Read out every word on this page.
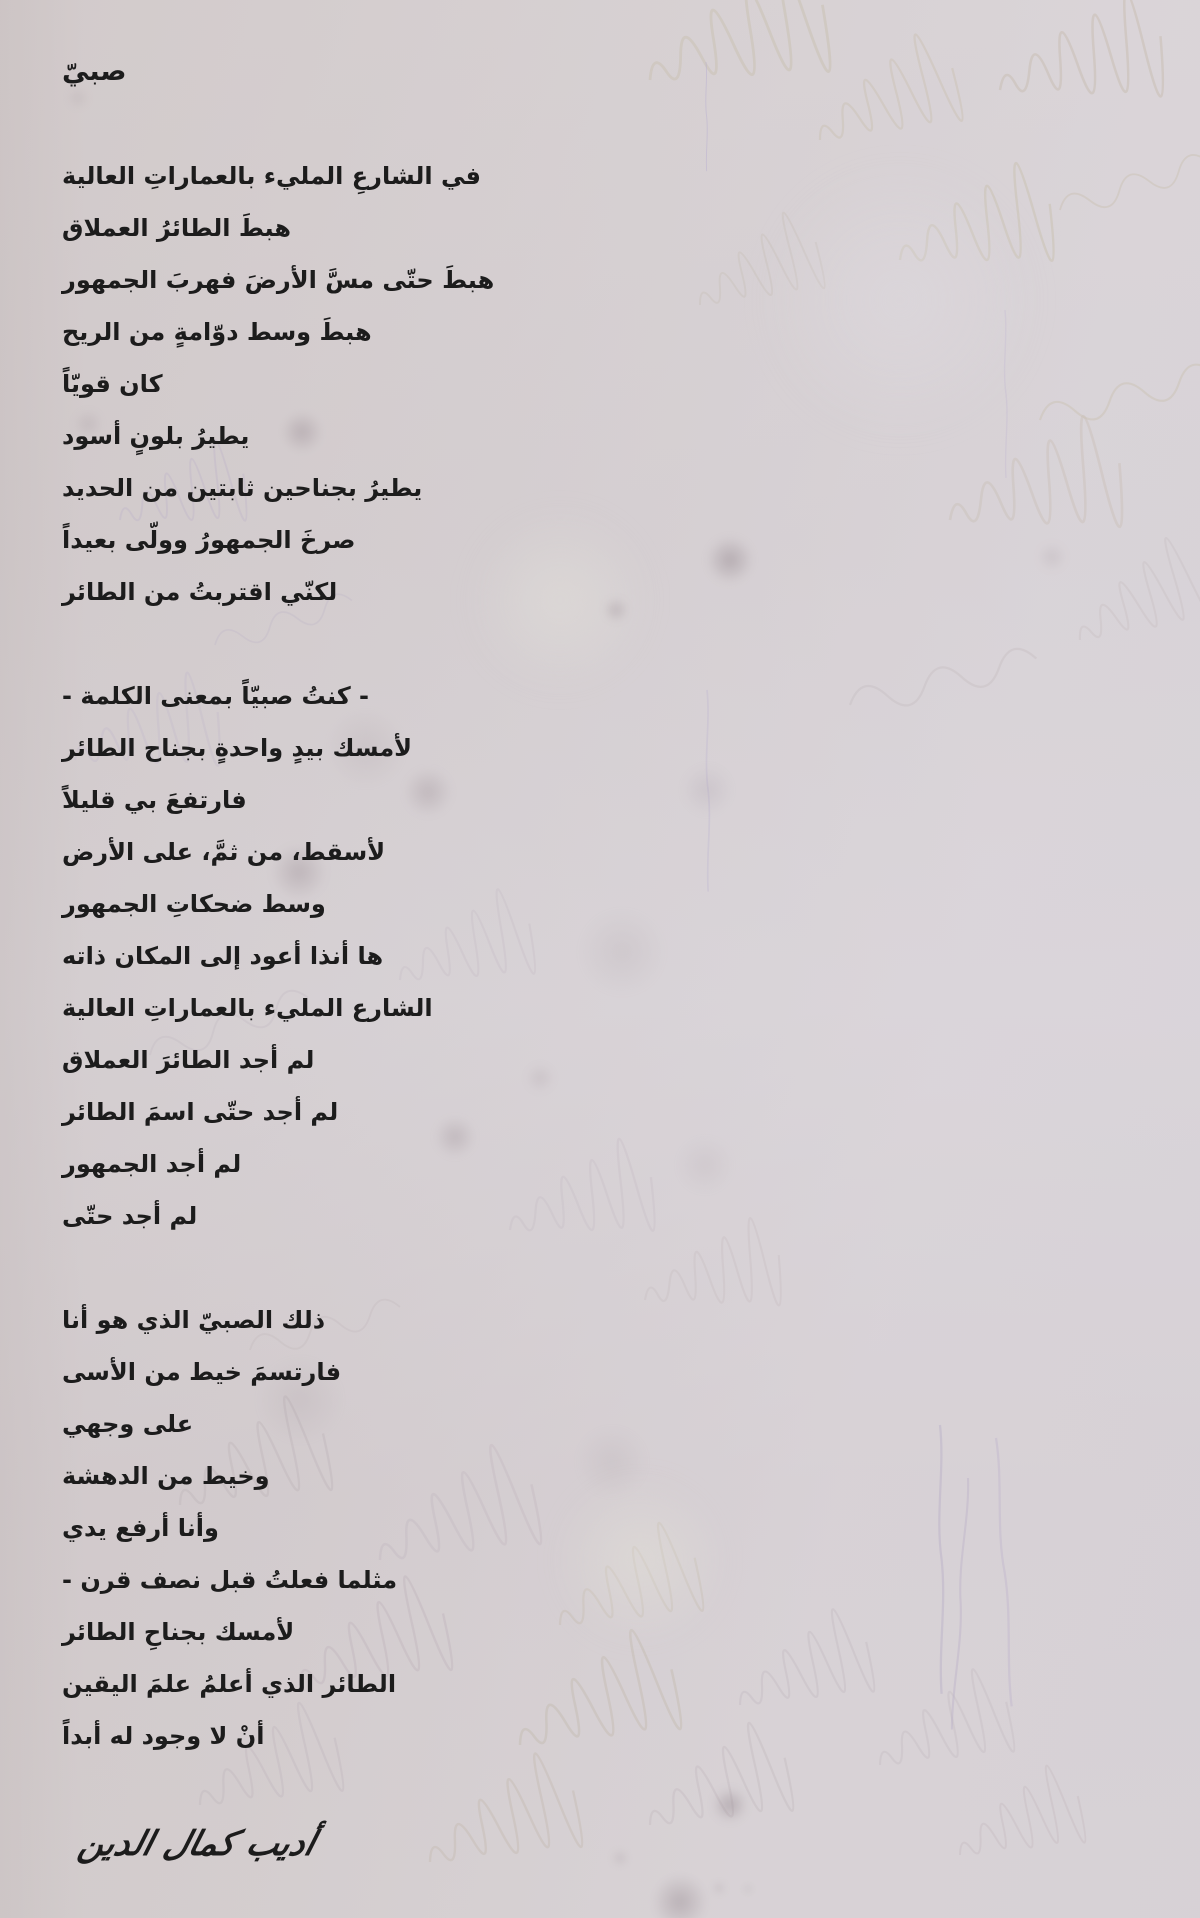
صبيّ
في الشارعِ المليء بالعماراتِ العالية
هبطَ الطائرُ العملاق
هبطَ حتّى مسَّ الأرضَ فهربَ الجمهور
هبطَ وسط دوّامةٍ من الريح
كان قويّاً
يطيرُ بلونٍ أسود
يطيرُ بجناحين ثابتين من الحديد
صرخَ الجمهورُ وولّى بعيداً
لكنّي اقتربتُ من الطائر
- كنتُ صبيّاً بمعنى الكلمة -
لأمسك بيدٍ واحدةٍ بجناح الطائر
فارتفعَ بي قليلاً
لأسقط، من ثمَّ، على الأرض
وسط ضحكاتِ الجمهور
ها أنذا أعود إلى المكان ذاته
الشارع المليء بالعماراتِ العالية
لم أجد الطائرَ العملاق
لم أجد حتّى اسمَ الطائر
لم أجد الجمهور
لم أجد حتّى
ذلك الصبيّ الذي هو أنا
فارتسمَ خيط من الأسى
على وجهي
وخيط من الدهشة
وأنا أرفع يدي
مثلما فعلتُ قبل نصف قرن -
لأمسك بجناحِ الطائر
الطائر الذي أعلمُ علمَ اليقين
أنْ لا وجود له أبداً
أديب كمال الدين
